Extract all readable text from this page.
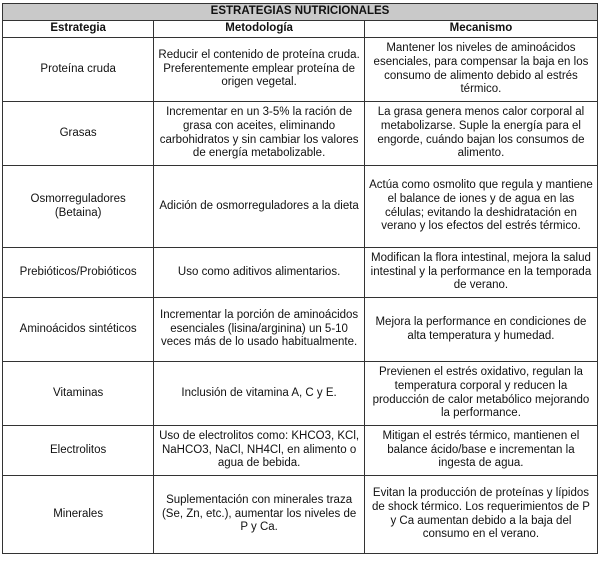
ESTRATEGIAS NUTRICIONALES		
Estrategia	Metodología	Mecanismo
Proteína cruda	Reducir el contenido de proteína cruda. Preferentemente emplear proteína de origen vegetal.	Mantener los niveles de aminoácidos esenciales, para compensar la baja en los consumo de alimento debido al estrés térmico.
Grasas	Incrementar en un 3-5% la ración de grasa con aceites, eliminando carbohidratos y sin cambiar los valores de energía metabolizable.	La grasa genera menos calor corporal al metabolizarse. Suple la energía para el engorde, cuándo bajan los consumos de alimento.
Osmorreguladores (Betaina)	Adición de osmorreguladores a la dieta	Actúa como osmolito que regula y mantiene el balance de iones y de agua en las células; evitando la deshidratación en verano y los efectos del estrés térmico.
Prebióticos/Probióticos	Uso como aditivos alimentarios.	Modifican la flora intestinal, mejora la salud intestinal y la performance en la temporada de verano.
Aminoácidos sintéticos	Incrementar la porción de aminoácidos esenciales (lisina/arginina) un 5-10 veces más de lo usado habitualmente.	Mejora la performance en condiciones de alta temperatura y humedad.
Vitaminas	Inclusión de vitamina A, C y E.	Previenen el estrés oxidativo, regulan la temperatura corporal y reducen la producción de calor metabólico mejorando la performance.
Electrolitos	Uso de electrolitos como: KHCO3, KCl, NaHCO3, NaCl, NH4Cl, en alimento o agua de bebida.	Mitigan el estrés térmico, mantienen el balance ácido/base e incrementan la ingesta de agua.
Minerales	Suplementación con minerales traza (Se, Zn, etc.), aumentar los niveles de P y Ca.	Evitan la producción de proteínas y lípidos de shock térmico. Los requerimientos de P y Ca aumentan debido a la baja del consumo en el verano.
